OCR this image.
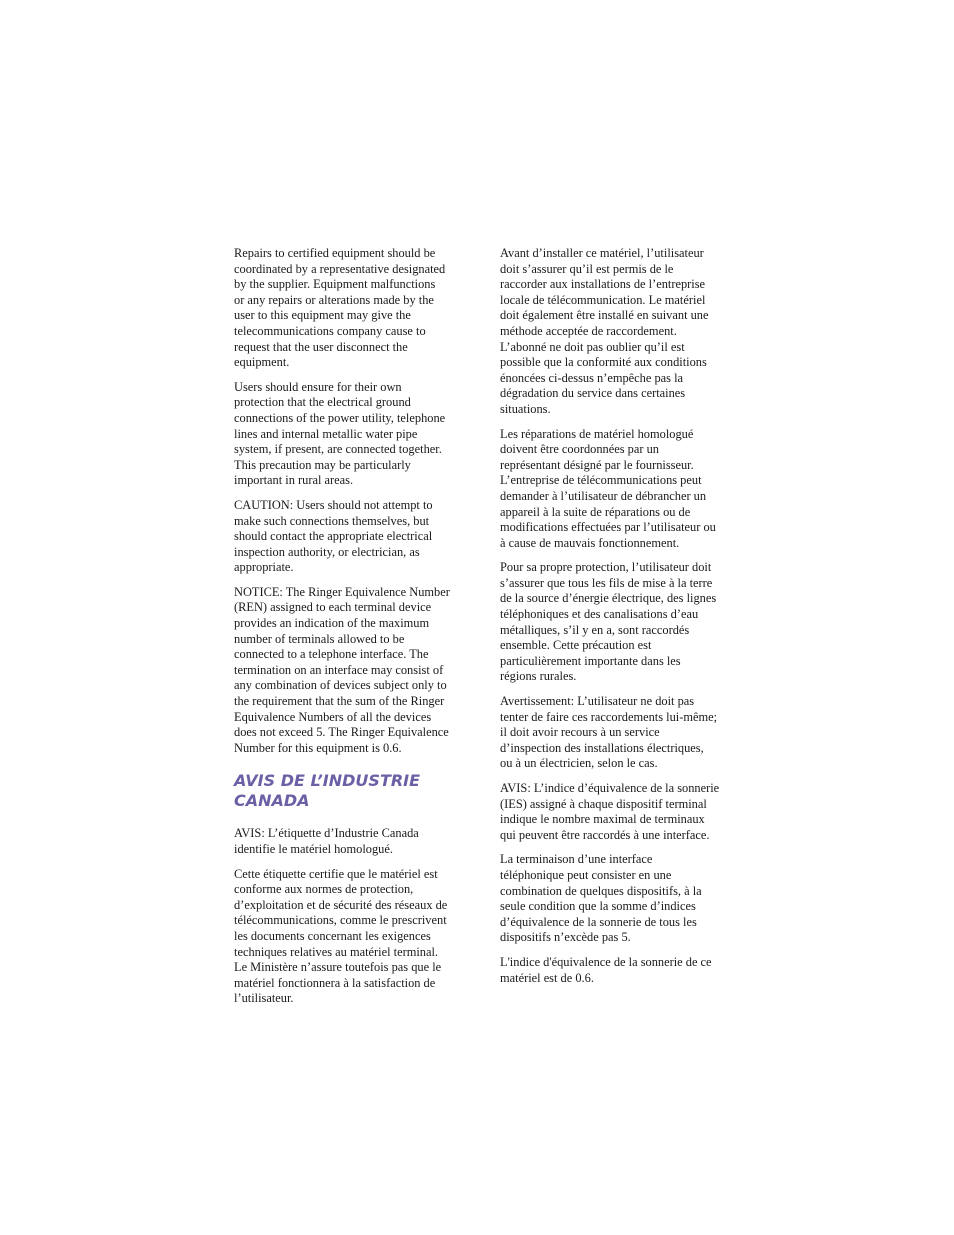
Repairs to certified equipment should be
coordinated by a representative designated
by the supplier. Equipment malfunctions
or any repairs or alterations made by the
user to this equipment may give the
telecommunications company cause to
request that the user disconnect the
equipment.

Users should ensure for their own
protection that the electrical ground
connections of the power utility, telephone
lines and internal metallic water pipe
system, if present, are connected together.
This precaution may be particularly
important in rural areas.

CAUTION: Users should not attempt to
make such connections themselves, but
should contact the appropriate electrical
inspection authority, or electrician, as
appropriate.

NOTICE: The Ringer Equivalence Number
(REN) assigned to each terminal device
provides an indication of the maximum
number of terminals allowed to be
connected to a telephone interface. The
termination on an interface may consist of
any combination of devices subject only to
the requirement that the sum of the Ringer
Equivalence Numbers of all the devices
does not exceed 5. The Ringer Equivalence
Number for this equipment is 0.6.

AVIS DE L’INDUSTRIE
CANADA

AVIS: L’étiquette d’Industrie Canada
identifie le matériel homologué.

Cette étiquette certifie que le matériel est
conforme aux normes de protection,
d’exploitation et de sécurité des réseaux de
télécommunications, comme le prescrivent
les documents concernant les exigences
techniques relatives au matériel terminal.
Le Ministère n’assure toutefois pas que le
matériel fonctionnera à la satisfaction de
l’utilisateur.

Avant d’installer ce matériel, l’utilisateur
doit s’assurer qu’il est permis de le
raccorder aux installations de l’entreprise
locale de télécommunication. Le matériel
doit également être installé en suivant une
méthode acceptée de raccordement.
L’abonné ne doit pas oublier qu’il est
possible que la conformité aux conditions
énoncées ci-dessus n’empêche pas la
dégradation du service dans certaines
situations.

Les réparations de matériel homologué
doivent être coordonnées par un
représentant désigné par le fournisseur.
L’entreprise de télécommunications peut
demander à l’utilisateur de débrancher un
appareil à la suite de réparations ou de
modifications effectuées par l’utilisateur ou
à cause de mauvais fonctionnement.

Pour sa propre protection, l’utilisateur doit
s’assurer que tous les fils de mise à la terre
de la source d’énergie électrique, des lignes
téléphoniques et des canalisations d’eau
métalliques, s’il y en a, sont raccordés
ensemble. Cette précaution est
particulièrement importante dans les
régions rurales.

Avertissement: L’utilisateur ne doit pas
tenter de faire ces raccordements lui-même;
il doit avoir recours à un service
d’inspection des installations électriques,
ou à un électricien, selon le cas.

AVIS: L’indice d’équivalence de la sonnerie
(IES) assigné à chaque dispositif terminal
indique le nombre maximal de terminaux
qui peuvent être raccordés à une interface.

La terminaison d’une interface
téléphonique peut consister en une
combination de quelques dispositifs, à la
seule condition que la somme d’indices
d’équivalence de la sonnerie de tous les
dispositifs n’excède pas 5.

L'indice d'équivalence de la sonnerie de ce
matériel est de 0.6.
